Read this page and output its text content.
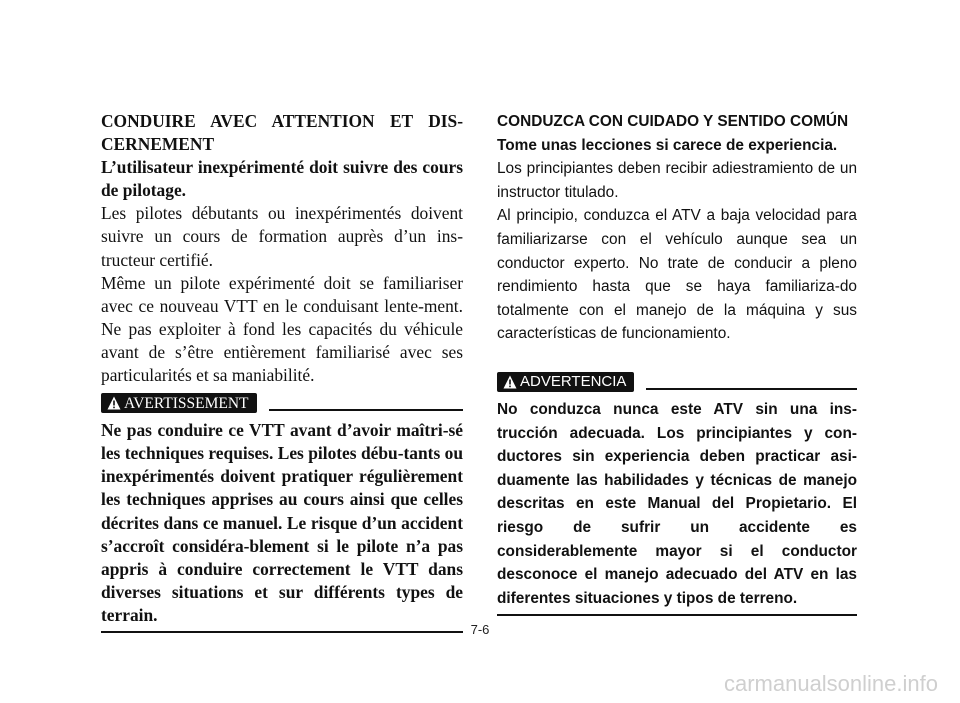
CONDUIRE AVEC ATTENTION ET DIS-CERNEMENT

L’utilisateur inexpérimenté doit suivre des cours de pilotage.

Les pilotes débutants ou inexpérimentés doivent suivre un cours de formation auprès d’un ins-tructeur certifié.

Même un pilote expérimenté doit se familiariser avec ce nouveau VTT en le conduisant lente-ment. Ne pas exploiter à fond les capacités du véhicule avant de s’être entièrement familiarisé avec ses particularités et sa maniabilité.

AVERTISSEMENT

Ne pas conduire ce VTT avant d’avoir maîtri-sé les techniques requises. Les pilotes débu-tants ou inexpérimentés doivent pratiquer régulièrement les techniques apprises au cours ainsi que celles décrites dans ce manuel. Le risque d’un accident s’accroît considéra-blement si le pilote n’a pas appris à conduire correctement le VTT dans diverses situations et sur différents types de terrain.

CONDUZCA CON CUIDADO Y SENTIDO COMÚN

Tome unas lecciones si carece de experiencia.

Los principiantes deben recibir adiestramiento de un instructor titulado.

Al principio, conduzca el ATV a baja velocidad para familiarizarse con el vehículo aunque sea un conductor experto. No trate de conducir a pleno rendimiento hasta que se haya familiariza-do totalmente con el manejo de la máquina y sus características de funcionamiento.

ADVERTENCIA

No conduzca nunca este ATV sin una ins-trucción adecuada. Los principiantes y con-ductores sin experiencia deben practicar asi-duamente las habilidades y técnicas de manejo descritas en este Manual del Propietario. El riesgo de sufrir un accidente es considerablemente mayor si el conductor desconoce el manejo adecuado del ATV en las diferentes situaciones y tipos de terreno.

7-6
carmanualsonline.info
